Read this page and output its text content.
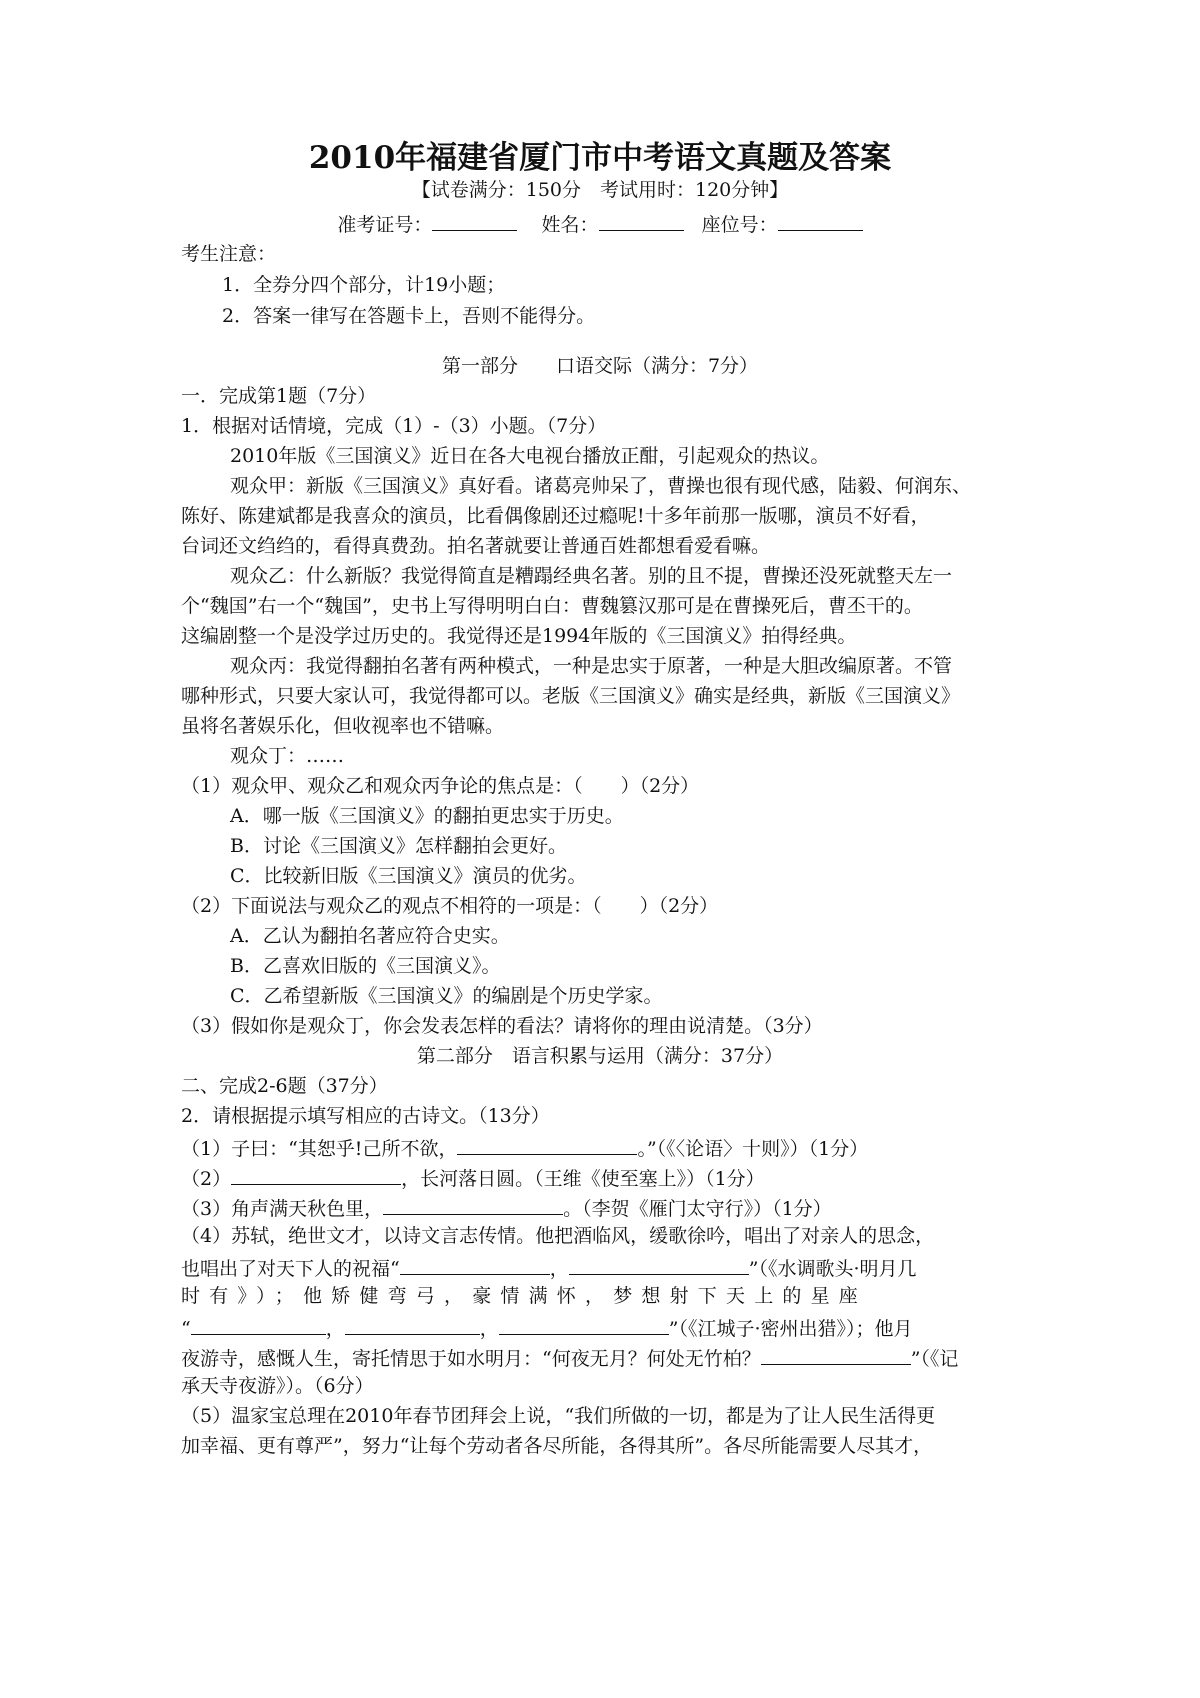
2010年福建省厦门市中考语文真题及答案
【试卷满分：150分　考试用时：120分钟】
准考证号：	姓名：	座位号：
考生注意：
1．全券分四个部分，计19小题；
2．答案一律写在答题卡上，吾则不能得分。
第一部分　　口语交际（满分：7分）
一．完成第1题（7分）
1．根据对话情境，完成（1）-（3）小题。（7分）
2010年版《三国演义》近日在各大电视台播放正酣，引起观众的热议。
观众甲：新版《三国演义》真好看。诸葛亮帅呆了，曹操也很有现代感，陆毅、何润东、
陈好、陈建斌都是我喜众的演员，比看偶像剧还过瘾呢!十多年前那一版哪，演员不好看，
台词还文绉绉的，看得真费劲。拍名著就要让普通百姓都想看爱看嘛。
观众乙：什么新版？我觉得简直是糟蹋经典名著。别的且不提，曹操还没死就整天左一
个“魏国”右一个“魏国”，史书上写得明明白白：曹魏篡汉那可是在曹操死后，曹丕干的。
这编剧整一个是没学过历史的。我觉得还是1994年版的《三国演义》拍得经典。
观众丙：我觉得翻拍名著有两种模式，一种是忠实于原著，一种是大胆改编原著。不管
哪种形式，只要大家认可，我觉得都可以。老版《三国演义》确实是经典，新版《三国演义》
虽将名著娱乐化，但收视率也不错嘛。
观众丁：……
（1）观众甲、观众乙和观众丙争论的焦点是：（　　）（2分）
A．哪一版《三国演义》的翻拍更忠实于历史。
B．讨论《三国演义》怎样翻拍会更好。
C．比较新旧版《三国演义》演员的优劣。
（2）下面说法与观众乙的观点不相符的一项是：（　　）（2分）
A．乙认为翻拍名著应符合史实。
B．乙喜欢旧版的《三国演义》。
C．乙希望新版《三国演义》的编剧是个历史学家。
（3）假如你是观众丁，你会发表怎样的看法？请将你的理由说清楚。（3分）
第二部分　语言积累与运用（满分：37分）
二、完成2-6题（37分）
2．请根据提示填写相应的古诗文。（13分）
（1）子曰：“其恕乎!己所不欲，	。”（《〈论语〉十则》）（1分）
（2）	，长河落日圆。（王维《使至塞上》）（1分）
（3）角声满天秋色里，	。（李贺《雁门太守行》）（1分）
（4）苏轼，绝世文才，以诗文言志传情。他把酒临风，缓歌徐吟，唱出了对亲人的思念，
也唱出了对天下人的祝福“	，	”（《水调歌头·明月几
时有》）；他矫健弯弓，豪情满怀，梦想射下天上的星座
“	，	，	”（《江城子·密州出猎》）；他月
夜游寺，感慨人生，寄托情思于如水明月：“何夜无月？何处无竹柏？	”（《记
承天寺夜游》）。（6分）
（5）温家宝总理在2010年春节团拜会上说，“我们所做的一切，都是为了让人民生活得更
加幸福、更有尊严”，努力“让每个劳动者各尽所能，各得其所”。各尽所能需要人尽其才，
